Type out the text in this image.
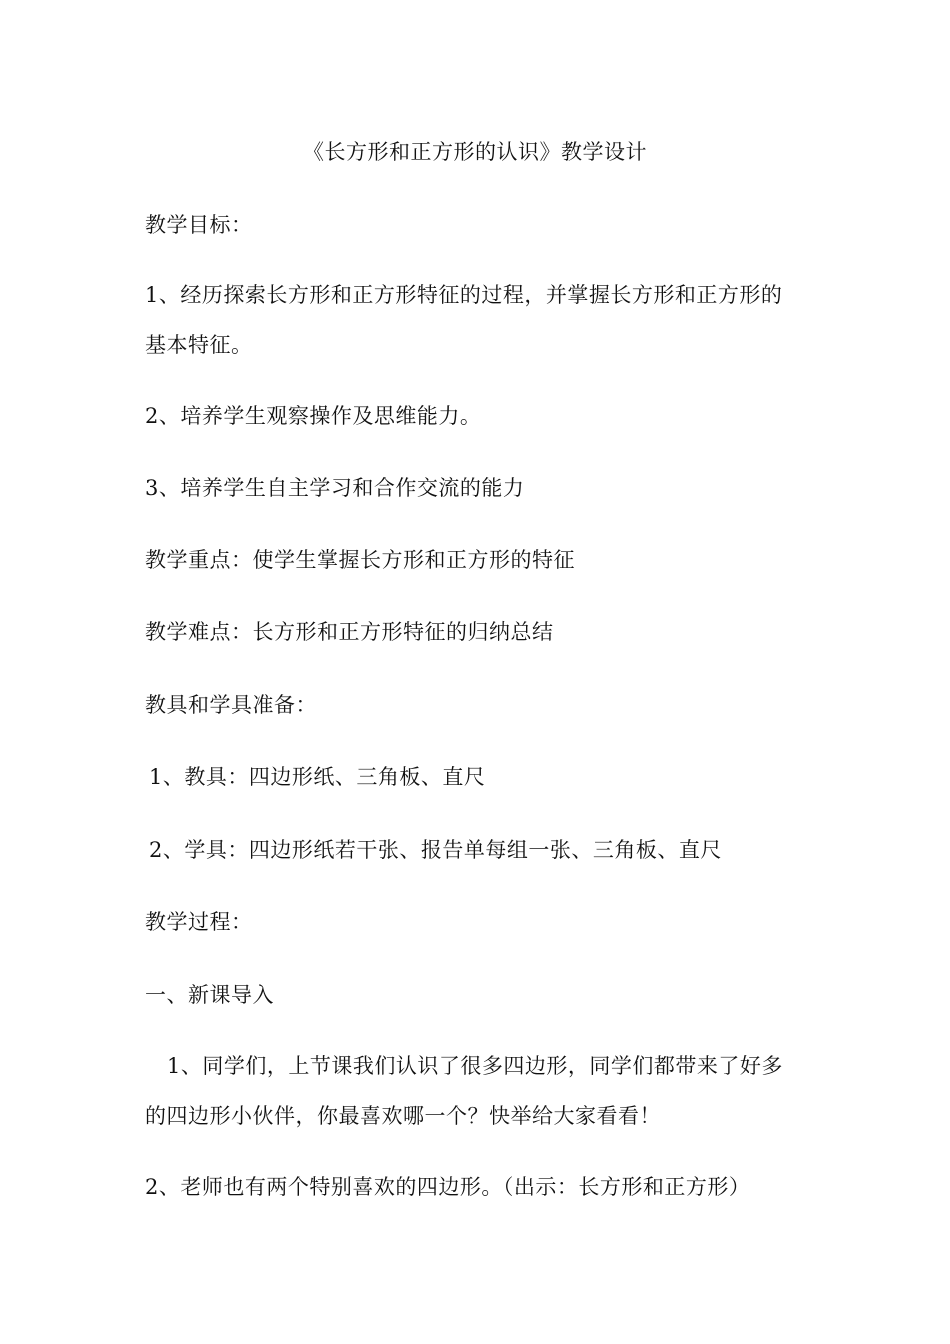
《长方形和正方形的认识》教学设计
教学目标：
1、经历探索长方形和正方形特征的过程，并掌握长方形和正方形的
基本特征。
2、培养学生观察操作及思维能力。
3、培养学生自主学习和合作交流的能力
教学重点：使学生掌握长方形和正方形的特征
教学难点：长方形和正方形特征的归纳总结
教具和学具准备：
1、教具：四边形纸、三角板、直尺
2、学具：四边形纸若干张、报告单每组一张、三角板、直尺
教学过程：
一、新课导入
1、同学们，上节课我们认识了很多四边形，同学们都带来了好多
的四边形小伙伴，你最喜欢哪一个？快举给大家看看！
2、老师也有两个特别喜欢的四边形。（出示：长方形和正方形）
